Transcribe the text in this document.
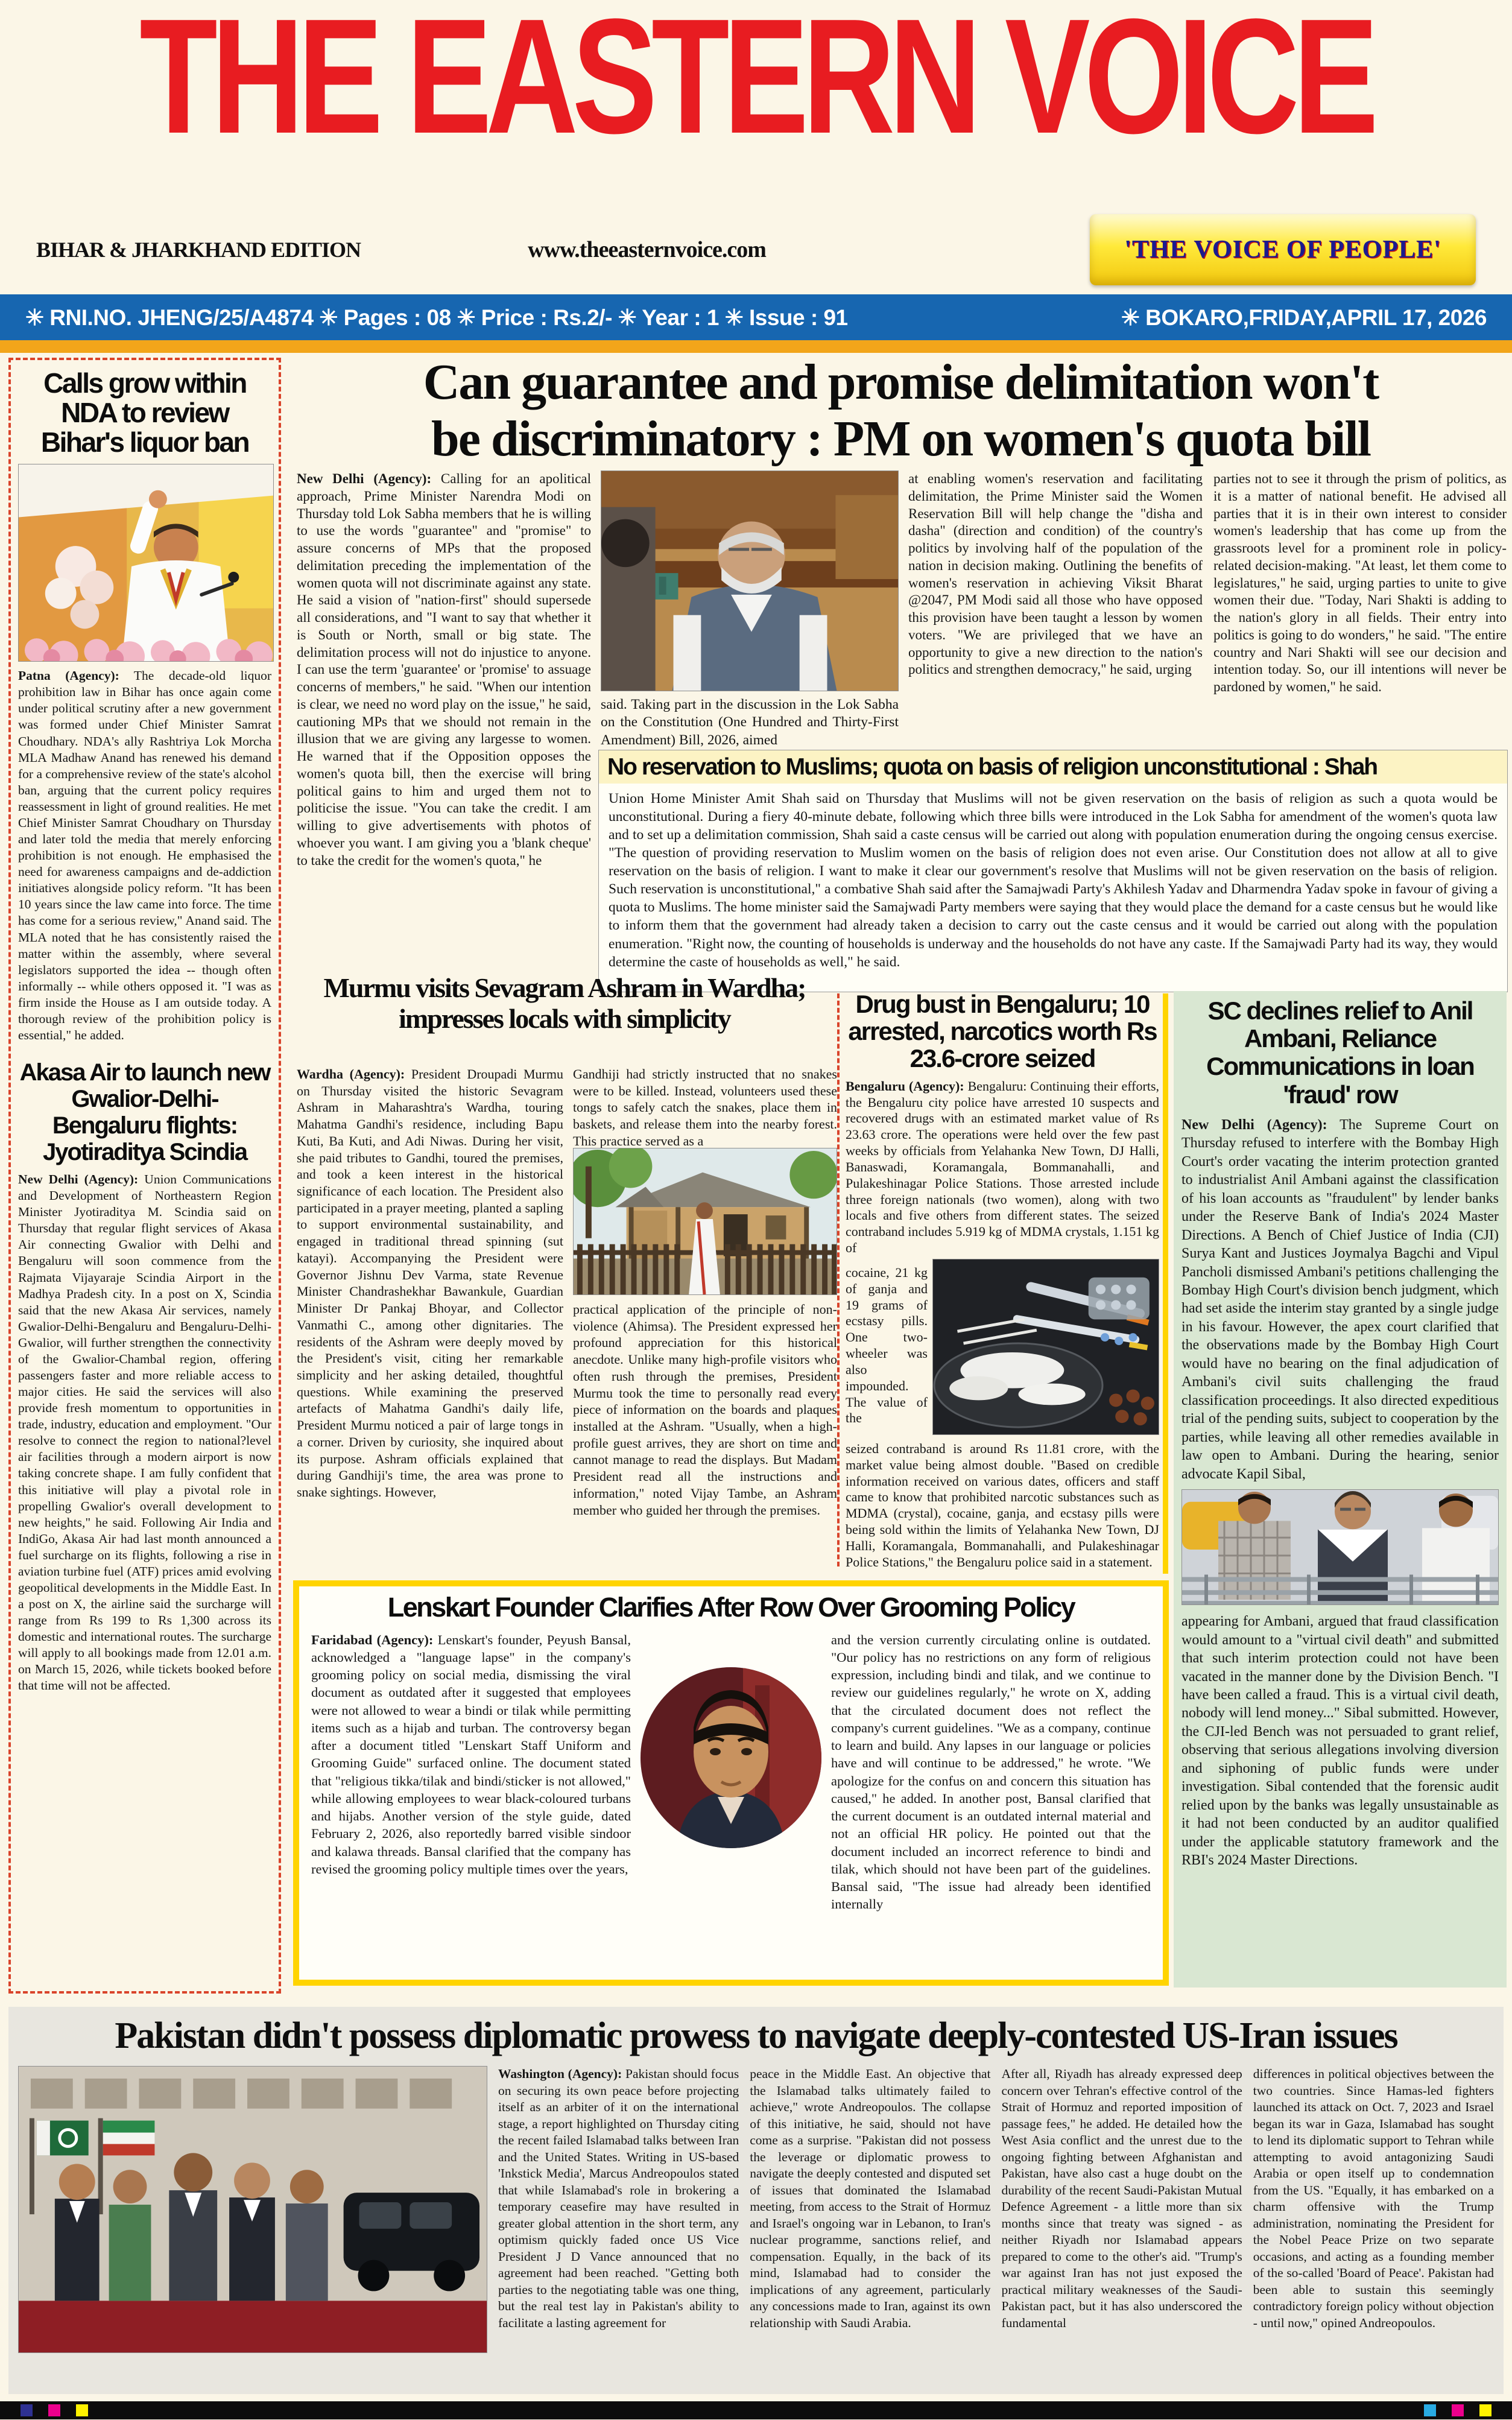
THE EASTERN VOICE
BIHAR & JHARKHAND EDITION	www.theeasternvoice.com	'THE VOICE OF PEOPLE'
✳ RNI.NO. JHENG/25/A4874 ✳ Pages : 08 ✳ Price : Rs.2/- ✳ Year : 1 ✳ Issue : 91	✳ BOKARO,FRIDAY,APRIL 17, 2026
Calls grow within NDA to review Bihar's liquor ban

Patna (Agency): The decade-old liquor prohibition law in Bihar has once again come under political scrutiny after a new government was formed under Chief Minister Samrat Choudhary. NDA's ally Rashtriya Lok Morcha MLA Madhaw Anand has renewed his demand for a comprehensive review of the state's alcohol ban, arguing that the current policy requires reassessment in light of ground realities. He met Chief Minister Samrat Choudhary on Thursday and later told the media that merely enforcing prohibition is not enough. He emphasised the need for awareness campaigns and de-addiction initiatives alongside policy reform. "It has been 10 years since the law came into force. The time has come for a serious review," Anand said. The MLA noted that he has consistently raised the matter within the assembly, where several legislators supported the idea -- though often informally -- while others opposed it. "I was as firm inside the House as I am outside today. A thorough review of the prohibition policy is essential," he added.

Akasa Air to launch new Gwalior-Delhi-Bengaluru flights: Jyotiraditya Scindia

New Delhi (Agency): Union Communications and Development of Northeastern Region Minister Jyotiraditya M. Scindia said on Thursday that regular flight services of Akasa Air connecting Gwalior with Delhi and Bengaluru will soon commence from the Rajmata Vijayaraje Scindia Airport in the Madhya Pradesh city. In a post on X, Scindia said that the new Akasa Air services, namely Gwalior-Delhi-Bengaluru and Bengaluru-Delhi-Gwalior, will further strengthen the connectivity of the Gwalior-Chambal region, offering passengers faster and more reliable access to major cities. He said the services will also provide fresh momentum to opportunities in trade, industry, education and employment. "Our resolve to connect the region to national?level air facilities through a modern airport is now taking concrete shape. I am fully confident that this initiative will play a pivotal role in propelling Gwalior's overall development to new heights," he said. Following Air India and IndiGo, Akasa Air had last month announced a fuel surcharge on its flights, following a rise in aviation turbine fuel (ATF) prices amid evolving geopolitical developments in the Middle East. In a post on X, the airline said the surcharge will range from Rs 199 to Rs 1,300 across its domestic and international routes. The surcharge will apply to all bookings made from 12.01 a.m. on March 15, 2026, while tickets booked before that time will not be affected.

Can guarantee and promise delimitation won't
be discriminatory : PM on women's quota bill
New Delhi (Agency): Calling for an apolitical approach, Prime Minister Narendra Modi on Thursday told Lok Sabha members that he is willing to use the words "guarantee" and "promise" to assure concerns of MPs that the proposed delimitation preceding the implementation of the women quota will not discriminate against any state. He said a vision of "nation-first" should supersede all considerations, and "I want to say that whether it is South or North, small or big state. The delimitation process will not do injustice to anyone. I can use the term 'guarantee' or 'promise' to assuage concerns of members," he said. "When our intention is clear, we need no word play on the issue," he said, cautioning MPs that we should not remain in the illusion that we are giving any largesse to women. He warned that if the Opposition opposes the women's quota bill, then the exercise will bring political gains to him and urged them not to politicise the issue. "You can take the credit. I am willing to give advertisements with photos of whoever you want. I am giving you a 'blank cheque' to take the credit for the women's quota," he
said. Taking part in the discussion in the Lok Sabha on the Constitution (One Hundred and Thirty-First Amendment) Bill, 2026, aimed
at enabling women's reservation and facilitating delimitation, the Prime Minister said the Women Reservation Bill will help change the "disha and dasha" (direction and condition) of the country's politics by involving half of the population of the nation in decision making. Outlining the benefits of women's reservation in achieving Viksit Bharat @2047, PM Modi said all those who have opposed this provision have been taught a lesson by women voters. "We are privileged that we have an opportunity to give a new direction to the nation's politics and strengthen democracy," he said, urging
parties not to see it through the prism of politics, as it is a matter of national benefit. He advised all parties that it is in their own interest to consider women's leadership that has come up from the grassroots level for a prominent role in policy-related decision-making. "At least, let them come to legislatures," he said, urging parties to unite to give women their due. "Today, Nari Shakti is adding to the nation's glory in all fields. Their entry into politics is going to do wonders," he said. "The entire country and Nari Shakti will see our decision and intention today. So, our ill intentions will never be pardoned by women," he said.
No reservation to Muslims; quota on basis of religion unconstitutional : Shah

Union Home Minister Amit Shah said on Thursday that Muslims will not be given reservation on the basis of religion as such a quota would be unconstitutional. During a fiery 40-minute debate, following which three bills were introduced in the Lok Sabha for amendment of the women's quota law and to set up a delimitation commission, Shah said a caste census will be carried out along with population enumeration during the ongoing census exercise. "The question of providing reservation to Muslim women on the basis of religion does not even arise. Our Constitution does not allow at all to give reservation on the basis of religion. I want to make it clear our government's resolve that Muslims will not be given reservation on the basis of religion. Such reservation is unconstitutional," a combative Shah said after the Samajwadi Party's Akhilesh Yadav and Dharmendra Yadav spoke in favour of giving a quota to Muslims. The home minister said the Samajwadi Party members were saying that they would place the demand for a caste census but he would like to inform them that the government had already taken a decision to carry out the caste census and it would be carried out along with the population enumeration. "Right now, the counting of households is underway and the households do not have any caste. If the Samajwadi Party had its way, they would determine the caste of households as well," he said.

Murmu visits Sevagram Ashram in Wardha; impresses locals with simplicity
Wardha (Agency): President Droupadi Murmu on Thursday visited the historic Sevagram Ashram in Maharashtra's Wardha, touring Mahatma Gandhi's residence, including Bapu Kuti, Ba Kuti, and Adi Niwas. During her visit, she paid tributes to Gandhi, toured the premises, and took a keen interest in the historical significance of each location. The President also participated in a prayer meeting, planted a sapling to support environmental sustainability, and engaged in traditional thread spinning (sut katayi). Accompanying the President were Governor Jishnu Dev Varma, state Revenue Minister Chandrashekhar Bawankule, Guardian Minister Dr Pankaj Bhoyar, and Collector Vanmathi C., among other dignitaries. The residents of the Ashram were deeply moved by the President's visit, citing her remarkable simplicity and her asking detailed, thoughtful questions. While examining the preserved artefacts of Mahatma Gandhi's daily life, President Murmu noticed a pair of large tongs in a corner. Driven by curiosity, she inquired about its purpose. Ashram officials explained that during Gandhiji's time, the area was prone to snake sightings. However,
Gandhiji had strictly instructed that no snakes were to be killed. Instead, volunteers used these tongs to safely catch the snakes, place them in baskets, and release them into the nearby forest. This practice served as a
practical application of the principle of non-violence (Ahimsa). The President expressed her profound appreciation for this historical anecdote. Unlike many high-profile visitors who often rush through the premises, President Murmu took the time to personally read every piece of information on the boards and plaques installed at the Ashram. "Usually, when a high-profile guest arrives, they are short on time and cannot manage to read the displays. But Madam President read all the instructions and information," noted Vijay Tambe, an Ashram member who guided her through the premises.
Drug bust in Bengaluru; 10 arrested, narcotics worth Rs 23.6-crore seized

Bengaluru (Agency): Bengaluru: Continuing their efforts, the Bengaluru city police have arrested 10 suspects and recovered drugs with an estimated market value of Rs 23.63 crore. The operations were held over the few past weeks by officials from Yelahanka New Town, DJ Halli, Banaswadi, Koramangala, Bommanahalli, and Pulakeshinagar Police Stations. Those arrested include three foreign nationals (two women), along with two locals and five others from different states. The seized contraband includes 5.919 kg of MDMA crystals, 1.151 kg of

cocaine, 21 kg of ganja and 19 grams of ecstasy pills. One two-wheeler was also impounded. The value of the

seized contraband is around Rs 11.81 crore, with the market value being almost double. "Based on credible information received on various dates, officers and staff came to know that prohibited narcotic substances such as MDMA (crystal), cocaine, ganja, and ecstasy pills were being sold within the limits of Yelahanka New Town, DJ Halli, Koramangala, Bommanahalli, and Pulakeshinagar Police Stations," the Bengaluru police said in a statement.

SC declines relief to Anil Ambani, Reliance Communications in loan 'fraud' row

New Delhi (Agency): The Supreme Court on Thursday refused to interfere with the Bombay High Court's order vacating the interim protection granted to industrialist Anil Ambani against the classification of his loan accounts as "fraudulent" by lender banks under the Reserve Bank of India's 2024 Master Directions. A Bench of Chief Justice of India (CJI) Surya Kant and Justices Joymalya Bagchi and Vipul Pancholi dismissed Ambani's petitions challenging the Bombay High Court's division bench judgment, which had set aside the interim stay granted by a single judge in his favour. However, the apex court clarified that the observations made by the Bombay High Court would have no bearing on the final adjudication of Ambani's civil suits challenging the fraud classification proceedings. It also directed expeditious trial of the pending suits, subject to cooperation by the parties, while leaving all other remedies available in law open to Ambani. During the hearing, senior advocate Kapil Sibal,

appearing for Ambani, argued that fraud classification would amount to a "virtual civil death" and submitted that such interim protection could not have been vacated in the manner done by the Division Bench. "I have been called a fraud. This is a virtual civil death, nobody will lend money..." Sibal submitted. However, the CJI-led Bench was not persuaded to grant relief, observing that serious allegations involving diversion and siphoning of public funds were under investigation. Sibal contended that the forensic audit relied upon by the banks was legally unsustainable as it had not been conducted by an auditor qualified under the applicable statutory framework and the RBI's 2024 Master Directions.

Lenskart Founder Clarifies After Row Over Grooming Policy
Faridabad (Agency): Lenskart's founder, Peyush Bansal, acknowledged a "language lapse" in the company's grooming policy on social media, dismissing the viral document as outdated after it suggested that employees were not allowed to wear a bindi or tilak while permitting items such as a hijab and turban. The controversy began after a document titled "Lenskart Staff Uniform and Grooming Guide" surfaced online. The document stated that "religious tikka/tilak and bindi/sticker is not allowed," while allowing employees to wear black-coloured turbans and hijabs. Another version of the style guide, dated February 2, 2026, also reportedly barred visible sindoor and kalawa threads. Bansal clarified that the company has revised the grooming policy multiple times over the years,
and the version currently circulating online is outdated. "Our policy has no restrictions on any form of religious expression, including bindi and tilak, and we continue to review our guidelines regularly," he wrote on X, adding that the circulated document does not reflect the company's current guidelines. "We as a company, continue to learn and build. Any lapses in our language or policies have and will continue to be addressed," he wrote. "We apologize for the confus on and concern this situation has caused," he added. In another post, Bansal clarified that the current document is an outdated internal material and not an official HR policy. He pointed out that the document included an incorrect reference to bindi and tilak, which should not have been part of the guidelines. Bansal said, "The issue had already been identified internally
Pakistan didn't possess diplomatic prowess to navigate deeply-contested US-Iran issues
Washington (Agency): Pakistan should focus on securing its own peace before projecting itself as an arbiter of it on the international stage, a report highlighted on Thursday citing the recent failed Islamabad talks between Iran and the United States. Writing in US-based 'Inkstick Media', Marcus Andreopoulos stated that while Islamabad's role in brokering a temporary ceasefire may have resulted in greater global attention in the short term, any optimism quickly faded once US Vice President J D Vance announced that no agreement had been reached. "Getting both parties to the negotiating table was one thing, but the real test lay in Pakistan's ability to facilitate a lasting agreement for
peace in the Middle East. An objective that the Islamabad talks ultimately failed to achieve," wrote Andreopoulos. The collapse of this initiative, he said, should not have come as a surprise. "Pakistan did not possess the leverage or diplomatic prowess to navigate the deeply contested and disputed set of issues that dominated the Islamabad meeting, from access to the Strait of Hormuz and Israel's ongoing war in Lebanon, to Iran's nuclear programme, sanctions relief, and compensation. Equally, in the back of its mind, Islamabad had to consider the implications of any agreement, particularly any concessions made to Iran, against its own relationship with Saudi Arabia.
After all, Riyadh has already expressed deep concern over Tehran's effective control of the Strait of Hormuz and reported imposition of passage fees," he added. He detailed how the West Asia conflict and the unrest due to the ongoing fighting between Afghanistan and Pakistan, have also cast a huge doubt on the durability of the recent Saudi-Pakistan Mutual Defence Agreement - a little more than six months since that treaty was signed - as neither Riyadh nor Islamabad appears prepared to come to the other's aid. "Trump's war against Iran has not just exposed the practical military weaknesses of the Saudi-Pakistan pact, but it has also underscored the fundamental
differences in political objectives between the two countries. Since Hamas-led fighters launched its attack on Oct. 7, 2023 and Israel began its war in Gaza, Islamabad has sought to lend its diplomatic support to Tehran while attempting to avoid antagonizing Saudi Arabia or open itself up to condemnation from the US. "Equally, it has embarked on a charm offensive with the Trump administration, nominating the President for the Nobel Peace Prize on two separate occasions, and acting as a founding member of the so-called 'Board of Peace'. Pakistan had been able to sustain this seemingly contradictory foreign policy without objection - until now," opined Andreopoulos.
